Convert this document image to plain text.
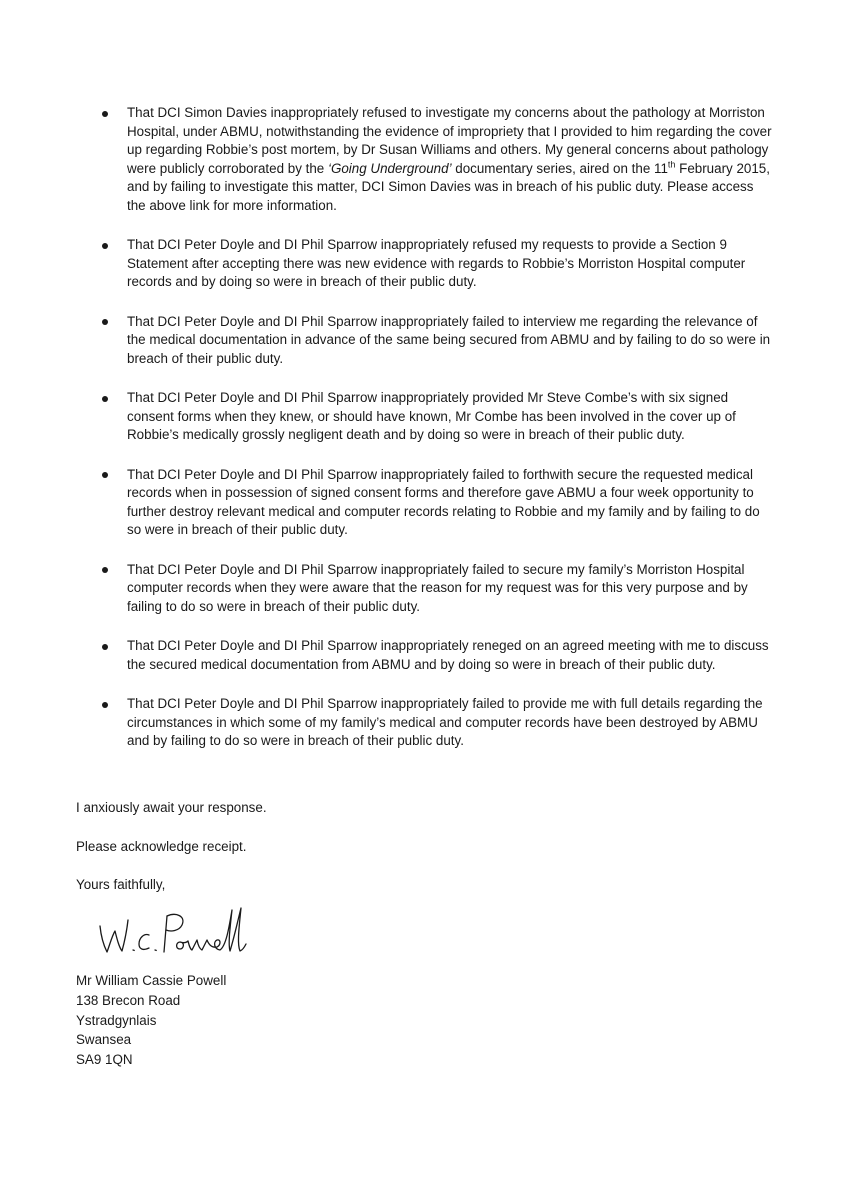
That DCI Simon Davies inappropriately refused to investigate my concerns about the pathology at Morriston Hospital, under ABMU, notwithstanding the evidence of impropriety that I provided to him regarding the cover up regarding Robbie’s post mortem, by Dr Susan Williams and others. My general concerns about pathology were publicly corroborated by the ‘Going Underground’ documentary series, aired on the 11th February 2015, and by failing to investigate this matter, DCI Simon Davies was in breach of his public duty. Please access the above link for more information.
That DCI Peter Doyle and DI Phil Sparrow inappropriately refused my requests to provide a Section 9 Statement after accepting there was new evidence with regards to Robbie’s Morriston Hospital computer records and by doing so were in breach of their public duty.
That DCI Peter Doyle and DI Phil Sparrow inappropriately failed to interview me regarding the relevance of the medical documentation in advance of the same being secured from ABMU and by failing to do so were in breach of their public duty.
That DCI Peter Doyle and DI Phil Sparrow inappropriately provided Mr Steve Combe’s with six signed consent forms when they knew, or should have known, Mr Combe has been involved in the cover up of Robbie’s medically grossly negligent death and by doing so were in breach of their public duty.
That DCI Peter Doyle and DI Phil Sparrow inappropriately failed to forthwith secure the requested medical records when in possession of signed consent forms and therefore gave ABMU a four week opportunity to further destroy relevant medical and computer records relating to Robbie and my family and by failing to do so were in breach of their public duty.
That DCI Peter Doyle and DI Phil Sparrow inappropriately failed to secure my family’s Morriston Hospital computer records when they were aware that the reason for my request was for this very purpose and by failing to do so were in breach of their public duty.
That DCI Peter Doyle and DI Phil Sparrow inappropriately reneged on an agreed meeting with me to discuss the secured medical documentation from ABMU and by doing so were in breach of their public duty.
That DCI Peter Doyle and DI Phil Sparrow inappropriately failed to provide me with full details regarding the circumstances in which some of my family’s medical and computer records have been destroyed by ABMU and by failing to do so were in breach of their public duty.

I anxiously await your response.

Please acknowledge receipt.

Yours faithfully,

Mr William Cassie Powell
138 Brecon Road
Ystradgynlais
Swansea
SA9 1QN
